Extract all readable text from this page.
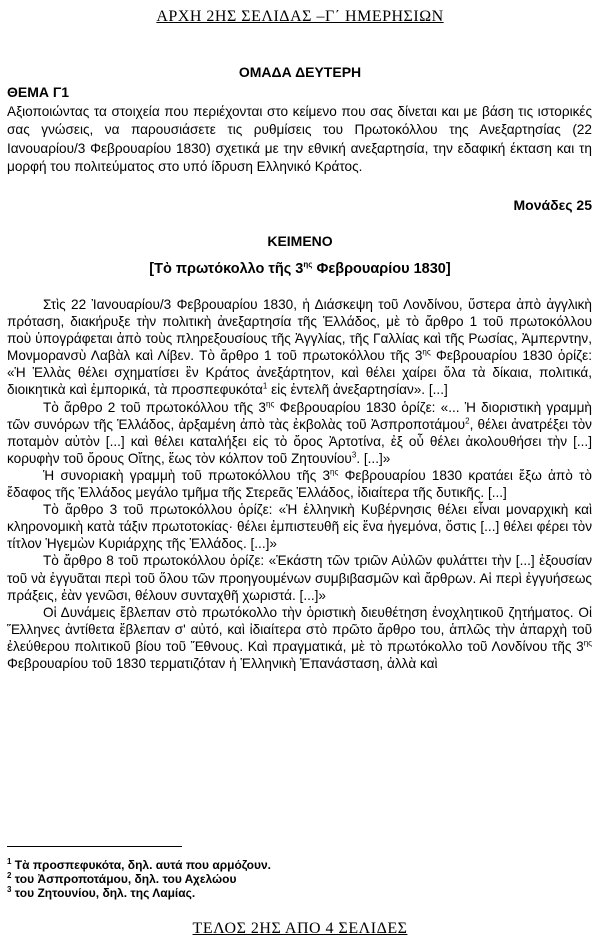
ΑΡΧΗ 2ΗΣ ΣΕΛΙΔΑΣ –Γ΄ ΗΜΕΡΗΣΙΩΝ
ΟΜΑΔΑ ΔΕΥΤΕΡΗ
ΘΕΜΑ Γ1
Αξιοποιώντας τα στοιχεία που περιέχονται στο κείμενο που σας δίνεται και με βάση τις ιστορικές σας γνώσεις, να παρουσιάσετε τις ρυθμίσεις του Πρωτοκόλλου της Ανεξαρτησίας (22 Ιανουαρίου/3 Φεβρουαρίου 1830) σχετικά με την εθνική ανεξαρτησία, την εδαφική έκταση και τη μορφή του πολιτεύματος στο υπό ίδρυση Ελληνικό Κράτος.
Μονάδες 25
ΚΕΙΜΕΝΟ
[Τὸ πρωτόκολλο τῆς $3^{\eta\varsigma}$ Φεβρουαρίου 1830]

Στὶς 22 Ἰανουαρίου/3 Φεβρουαρίου 1830, ἡ Διάσκεψη τοῦ Λονδίνου, ὕστερα ἀπὸ ἀγγλικὴ πρόταση, διακήρυξε τὴν πολιτικὴ ἀνεξαρτησία τῆς Ἑλλάδος, μὲ τὸ ἄρθρο 1 τοῦ πρωτοκόλλου ποὺ ὑπογράφεται ἀπὸ τοὺς πληρεξουσίους τῆς Ἀγγλίας, τῆς Γαλλίας καὶ τῆς Ρωσίας, Ἀμπερντην, Μονμορανσὺ Λαβὰλ καὶ Λίβεν. Τὸ ἄρθρο 1 τοῦ πρωτοκόλλου τῆς $3^{\eta\varsigma}$ Φεβρουαρίου 1830 ὁρίζε: «Ἡ Ἑλλὰς θέλει σχηματίσει ἓν Κράτος ἀνεξάρτητον, καὶ θέλει χαίρει ὅλα τὰ δίκαια, πολιτικά, διοικητικὰ καὶ ἐμπορικά, τὰ προσπεφυκότα$^1$ εἰς ἐντελῆ ἀνεξαρτησίαν». [...]

Τὸ ἄρθρο 2 τοῦ πρωτοκόλλου τῆς $3^{\eta\varsigma}$ Φεβρουαρίου 1830 ὁρίζε: «... Ἡ διοριστικὴ γραμμὴ τῶν συνόρων τῆς Ἑλλάδος, ἀρξαμένη ἀπὸ τὰς ἐκβολὰς τοῦ Ἀσπροποτάμου$^2$, θέλει ἀνατρέξει τὸν ποταμὸν αὐτὸν [...] καὶ θέλει καταλήξει εἰς τὸ ὄρος Ἀρτοτίνα, ἐξ οὗ θέλει ἀκολουθήσει τὴν [...] κορυφὴν τοῦ ὄρους Οἴτης, ἕως τὸν κόλπον τοῦ Ζητουνίου$^3$. [...]»

Ἡ συνοριακὴ γραμμὴ τοῦ πρωτοκόλλου τῆς $3^{\eta\varsigma}$ Φεβρουαρίου 1830 κρατάει ἔξω ἀπὸ τὸ ἔδαφος τῆς Ἑλλάδος μεγάλο τμῆμα τῆς Στερεᾶς Ἑλλάδος, ἰδιαίτερα τῆς δυτικῆς. [...]

Τὸ ἄρθρο 3 τοῦ πρωτοκόλλου ὁρίζε: «Ἡ ἑλληνικὴ Κυβέρνησις θέλει εἶναι μοναρχικὴ καὶ κληρονομικὴ κατὰ τάξιν πρωτοτοκίας· θέλει ἐμπιστευθῆ εἰς ἕνα ἡγεμόνα, ὅστις [...] θέλει φέρει τὸν τίτλον Ἡγεμὼν Κυριάρχης τῆς Ἑλλάδος. [...]»

Τὸ ἄρθρο 8 τοῦ πρωτοκόλλου ὁρίζε: «Ἑκάστη τῶν τριῶν Αὐλῶν φυλάττει τὴν [...] ἐξουσίαν τοῦ νὰ ἐγγυᾶται περὶ τοῦ ὅλου τῶν προηγουμένων συμβιβασμῶν καὶ ἄρθρων. Αἱ περὶ ἐγγυήσεως πράξεις, ἐὰν γενῶσι, θέλουν συνταχθῆ χωριστά. [...]»

Οἱ Δυνάμεις ἔβλεπαν στὸ πρωτόκολλο τὴν ὁριστικὴ διευθέτηση ἐνοχλητικοῦ ζητήματος. Οἱ Ἕλληνες ἀντίθετα ἔβλεπαν σ' αὐτό, καὶ ἰδιαίτερα στὸ πρῶτο ἄρθρο του, ἁπλῶς τὴν ἀπαρχὴ τοῦ ἐλεύθερου πολιτικοῦ βίου τοῦ Ἔθνους. Καὶ πραγματικά, μὲ τὸ πρωτόκολλο τοῦ Λονδίνου τῆς $3^{\eta\varsigma}$ Φεβρουαρίου τοῦ 1830 τερματιζόταν ἡ Ἑλληνικὴ Ἐπανάσταση, ἀλλὰ καὶ

$^1$ Τὰ προσπεφυκότα, δηλ. αυτά που αρμόζουν.
$^2$ του Ἀσπροποτάμου, δηλ. του Αχελώου
$^3$ του Ζητουνίου, δηλ. της Λαμίας.
ΤΕΛΟΣ 2ΗΣ ΑΠΟ 4 ΣΕΛΙΔΕΣ
